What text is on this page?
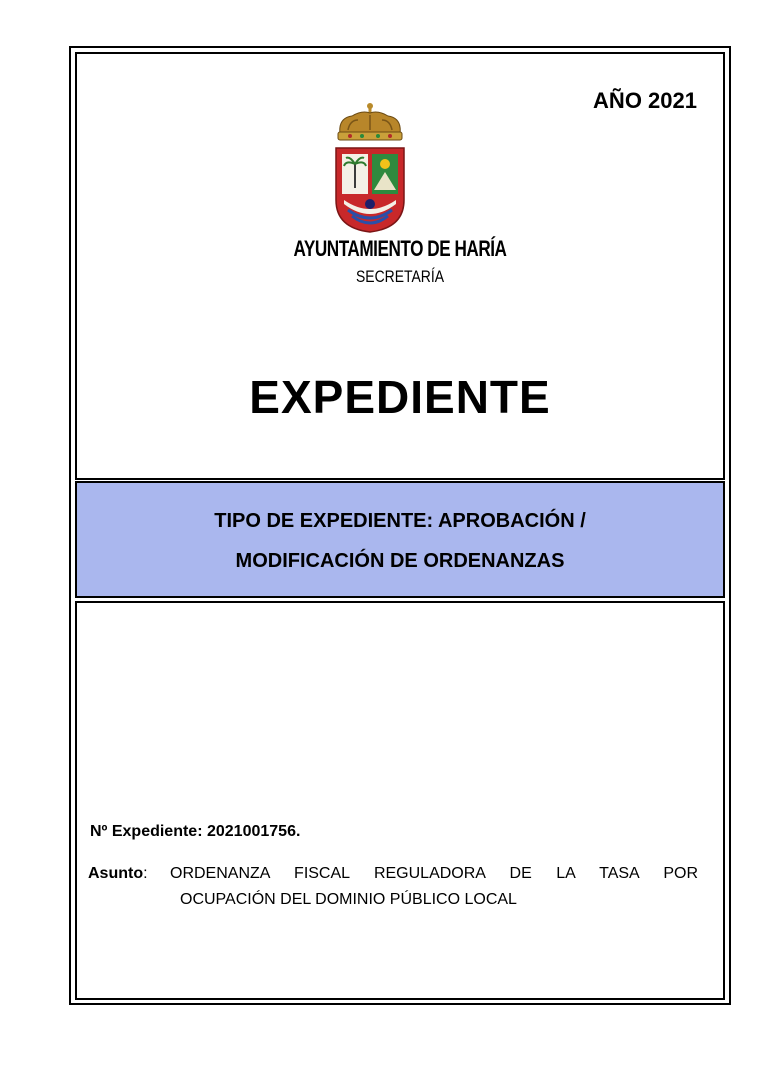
AÑO 2021
AYUNTAMIENTO DE HARÍA
SECRETARÍA
EXPEDIENTE
TIPO DE EXPEDIENTE: APROBACIÓN /
MODIFICACIÓN DE ORDENANZAS
Nº Expediente: 2021001756.
Asunto: ORDENANZA FISCAL REGULADORA DE LA TASA POR
OCUPACIÓN DEL DOMINIO PÚBLICO LOCAL
